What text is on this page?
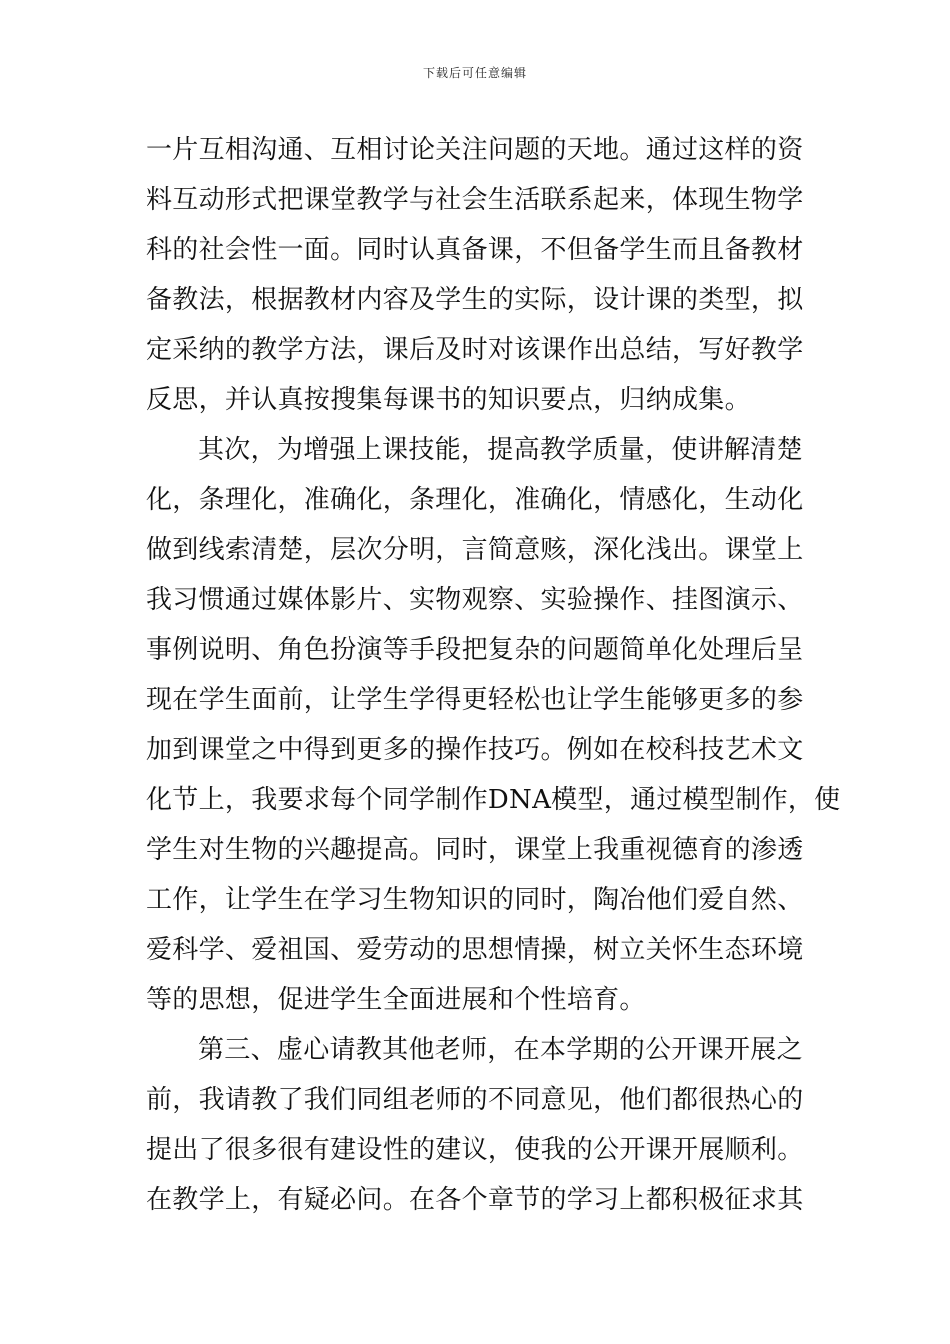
下载后可任意编辑
一片互相沟通、互相讨论关注问题的天地。通过这样的资
料互动形式把课堂教学与社会生活联系起来，体现生物学
科的社会性一面。同时认真备课，不但备学生而且备教材
备教法，根据教材内容及学生的实际，设计课的类型，拟
定采纳的教学方法，课后及时对该课作出总结，写好教学
反思，并认真按搜集每课书的知识要点，归纳成集。
其次，为增强上课技能，提高教学质量，使讲解清楚
化，条理化，准确化，条理化，准确化，情感化，生动化
做到线索清楚，层次分明，言简意赅，深化浅出。课堂上
我习惯通过媒体影片、实物观察、实验操作、挂图演示、
事例说明、角色扮演等手段把复杂的问题简单化处理后呈
现在学生面前，让学生学得更轻松也让学生能够更多的参
加到课堂之中得到更多的操作技巧。例如在校科技艺术文
化节上，我要求每个同学制作DNA模型，通过模型制作，使
学生对生物的兴趣提高。同时，课堂上我重视德育的渗透
工作，让学生在学习生物知识的同时，陶冶他们爱自然、
爱科学、爱祖国、爱劳动的思想情操，树立关怀生态环境
等的思想，促进学生全面进展和个性培育。
第三、虚心请教其他老师，在本学期的公开课开展之
前，我请教了我们同组老师的不同意见，他们都很热心的
提出了很多很有建设性的建议，使我的公开课开展顺利。
在教学上，有疑必问。在各个章节的学习上都积极征求其
